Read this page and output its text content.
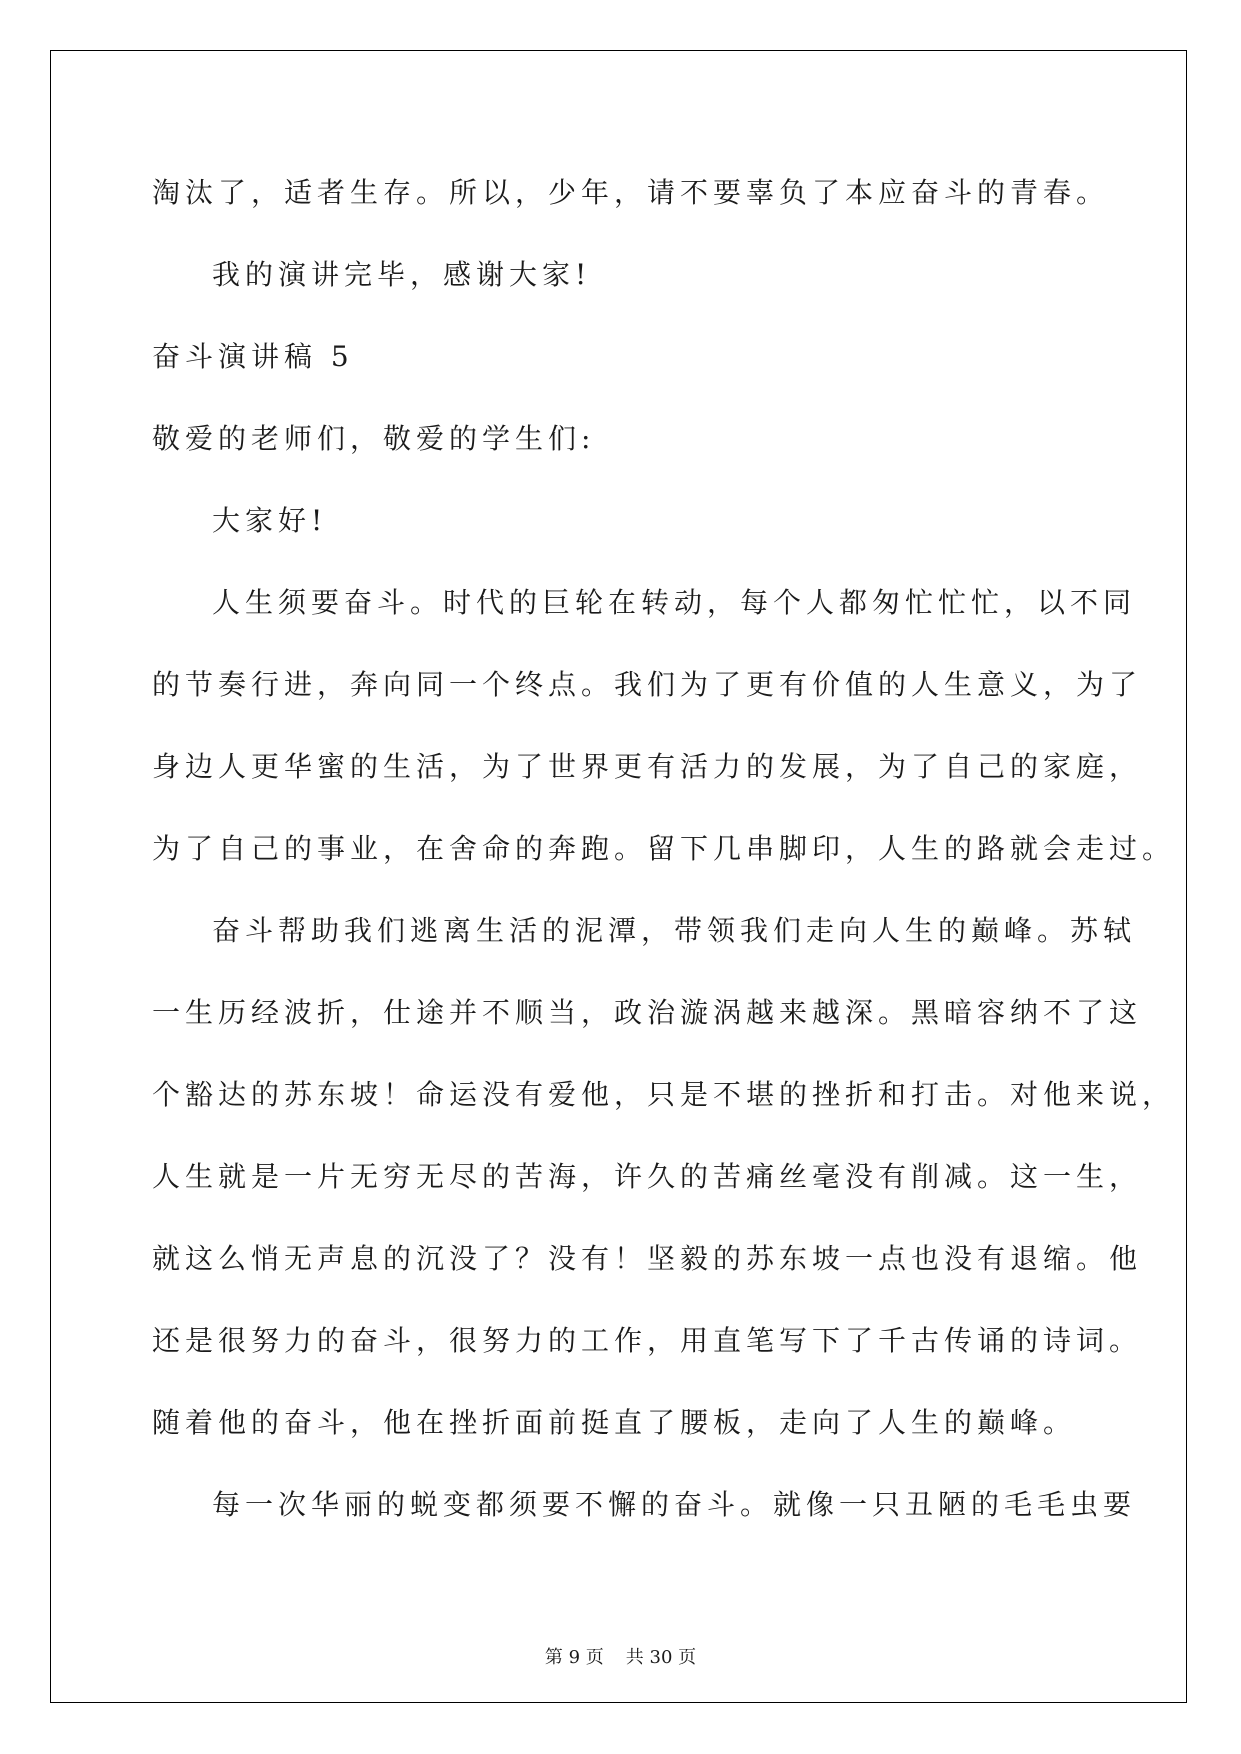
淘汰了，适者生存。所以，少年，请不要辜负了本应奋斗的青春。
我的演讲完毕，感谢大家!
奋斗演讲稿 5
敬爱的老师们，敬爱的学生们:
大家好!
人生须要奋斗。时代的巨轮在转动，每个人都匆忙忙忙，以不同
的节奏行进，奔向同一个终点。我们为了更有价值的人生意义，为了
身边人更华蜜的生活，为了世界更有活力的发展，为了自己的家庭，
为了自己的事业，在舍命的奔跑。留下几串脚印，人生的路就会走过。
奋斗帮助我们逃离生活的泥潭，带领我们走向人生的巅峰。苏轼
一生历经波折，仕途并不顺当，政治漩涡越来越深。黑暗容纳不了这
个豁达的苏东坡！命运没有爱他，只是不堪的挫折和打击。对他来说，
人生就是一片无穷无尽的苦海，许久的苦痛丝毫没有削减。这一生，
就这么悄无声息的沉没了？没有！坚毅的苏东坡一点也没有退缩。他
还是很努力的奋斗，很努力的工作，用直笔写下了千古传诵的诗词。
随着他的奋斗，他在挫折面前挺直了腰板，走向了人生的巅峰。
每一次华丽的蜕变都须要不懈的奋斗。就像一只丑陋的毛毛虫要
第 9 页 共 30 页
